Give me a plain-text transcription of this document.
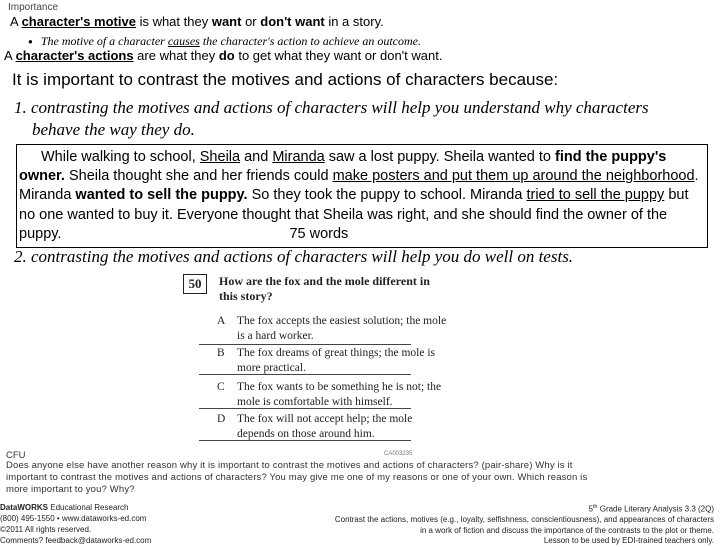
Importance
A character's motive is what they want or don't want in a story.
● The motive of a character causes the character's action to achieve an outcome.
A character's actions are what they do to get what they want or don't want.
It is important to contrast the motives and actions of characters because:
1. contrasting the motives and actions of characters will help you understand why characters
behave the way they do.
While walking to school, Sheila and Miranda saw a lost puppy. Sheila wanted to find the puppy's owner. Sheila thought she and her friends could make posters and put them up around the neighborhood. Miranda wanted to sell the puppy. So they took the puppy to school. Miranda tried to sell the puppy but no one wanted to buy it. Everyone thought that Sheila was right, and she should find the owner of the puppy.	75 words
2. contrasting the motives and actions of characters will help you do well on tests.
50	How are the fox and the mole different in this story?
A	The fox accepts the easiest solution; the mole is a hard worker.
B	The fox dreams of great things; the mole is more practical.
C	The fox wants to be something he is not; the mole is comfortable with himself.
D	The fox will not accept help; the mole depends on those around him.
CFU	CA003235
Does anyone else have another reason why it is important to contrast the motives and actions of characters? (pair-share) Why is it
important to contrast the motives and actions of characters? You may give me one of my reasons or one of your own. Which reason is
more important to you? Why?
DataWORKS Educational Research
(800) 495-1550 • www.dataworks-ed.com
©2011 All rights reserved.
Comments? feedback@dataworks-ed.com
5th Grade Literary Analysis 3.3 (2Q)
Contrast the actions, motives (e.g., loyalty, selfishness, conscientiousness), and appearances of characters
in a work of fiction and discuss the importance of the contrasts to the plot or theme.
Lesson to be used by EDI-trained teachers only.
